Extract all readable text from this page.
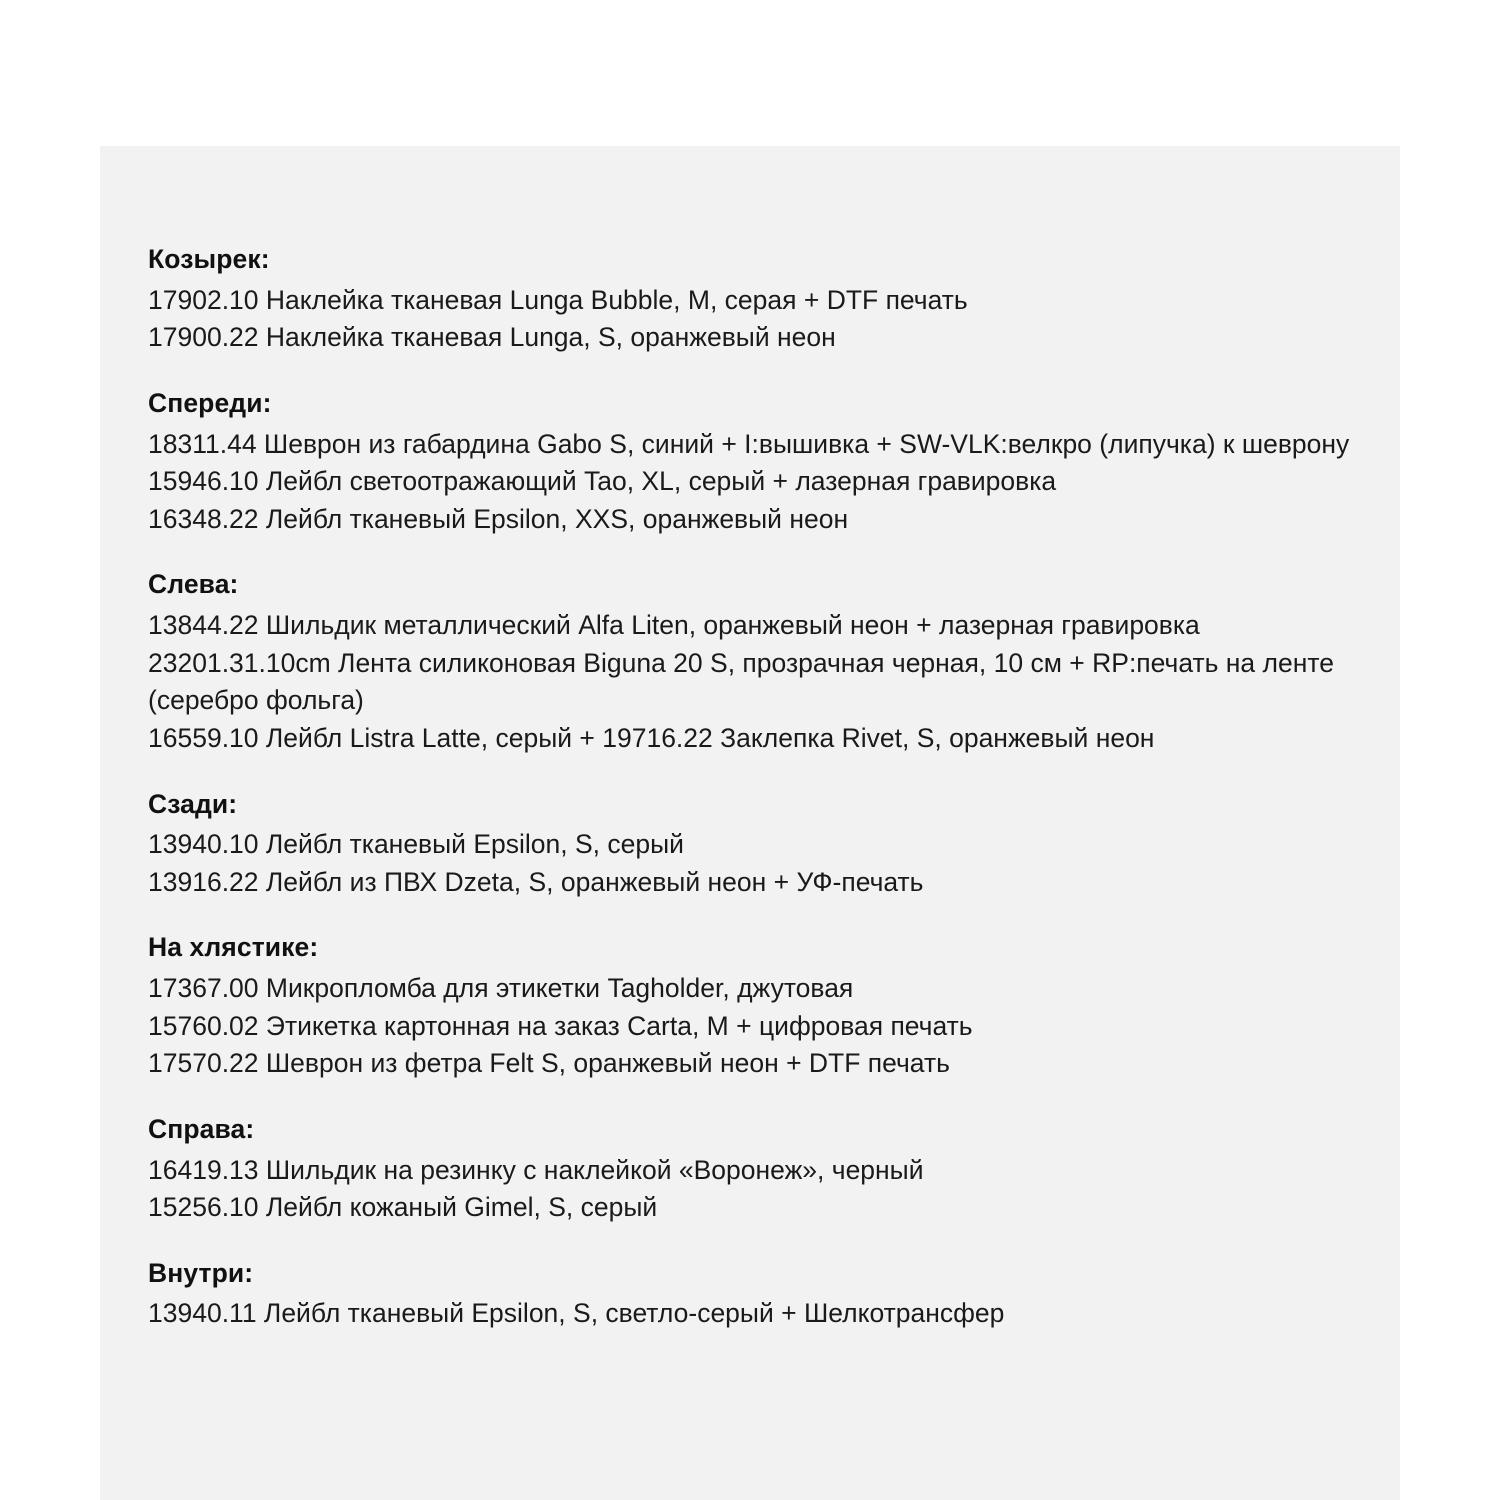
Козырек:
17902.10 Наклейка тканевая Lunga Bubble, M, серая + DTF печать
17900.22 Наклейка тканевая Lunga, S, оранжевый неон
Спереди:
18311.44 Шеврон из габардина Gabo S, синий + I:вышивка + SW-VLK:велкро (липучка) к шеврону
15946.10 Лейбл светоотражающий Tao, XL, серый + лазерная гравировка
16348.22 Лейбл тканевый Epsilon, XXS, оранжевый неон
Слева:
13844.22 Шильдик металлический Alfa Liten, оранжевый неон + лазерная гравировка
23201.31.10cm Лента силиконовая Biguna 20 S, прозрачная черная, 10 см + RP:печать на ленте (серебро фольга)
16559.10 Лейбл Listra Latte, серый + 19716.22 Заклепка Rivet, S, оранжевый неон
Сзади:
13940.10 Лейбл тканевый Epsilon, S, серый
13916.22 Лейбл из ПВХ Dzeta, S, оранжевый неон + УФ-печать
На хлястике:
17367.00 Микропломба для этикетки Tagholder, джутовая
15760.02 Этикетка картонная на заказ Carta, M + цифровая печать
17570.22 Шеврон из фетра Felt S, оранжевый неон + DTF печать
Справа:
16419.13 Шильдик на резинку с наклейкой «Воронеж», черный
15256.10 Лейбл кожаный Gimel, S, серый
Внутри:
13940.11 Лейбл тканевый Epsilon, S, светло-серый + Шелкотрансфер
